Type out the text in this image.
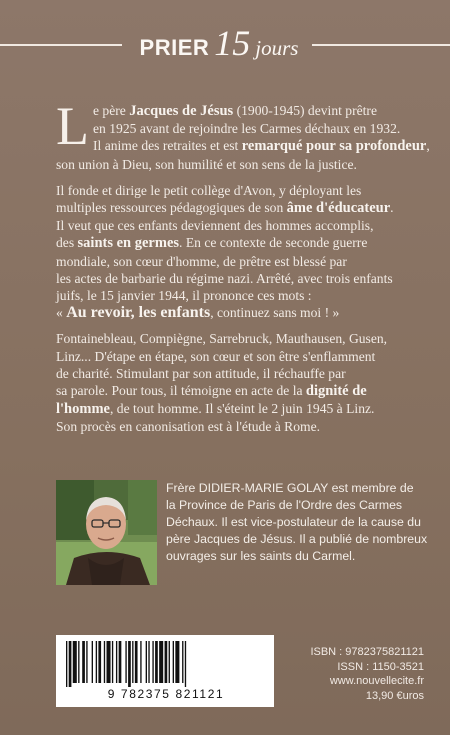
PRIER 15 jours
L e père Jacques de Jésus (1900-1945) devint prêtre

en 1925 avant de rejoindre les Carmes déchaux en 1932.

Il anime des retraites et est remarqué pour sa profondeur,

son union à Dieu, son humilité et son sens de la justice.

Il fonde et dirige le petit collège d'Avon, y déployant les

multiples ressources pédagogiques de son âme d'éducateur.

Il veut que ces enfants deviennent des hommes accomplis,

des saints en germes. En ce contexte de seconde guerre

mondiale, son cœur d'homme, de prêtre est blessé par

les actes de barbarie du régime nazi. Arrêté, avec trois enfants

juifs, le 15 janvier 1944, il prononce ces mots :

« Au revoir, les enfants, continuez sans moi ! »

Fontainebleau, Compiègne, Sarrebruck, Mauthausen, Gusen,

Linz... D'étape en étape, son cœur et son être s'enflamment

de charité. Stimulant par son attitude, il réchauffe par

sa parole. Pour tous, il témoigne en acte de la dignité de

l'homme, de tout homme. Il s'éteint le 2 juin 1945 à Linz.

Son procès en canonisation est à l'étude à Rome.

Frère DIDIER-MARIE GOLAY est membre de

la Province de Paris de l'Ordre des Carmes

Déchaux. Il est vice-postulateur de la cause du

père Jacques de Jésus. Il a publié de nombreux

ouvrages sur les saints du Carmel.

9 782375 821121
ISBN : 9782375821121
ISSN : 1150-3521
www.nouvellecite.fr
13,90 €uros
